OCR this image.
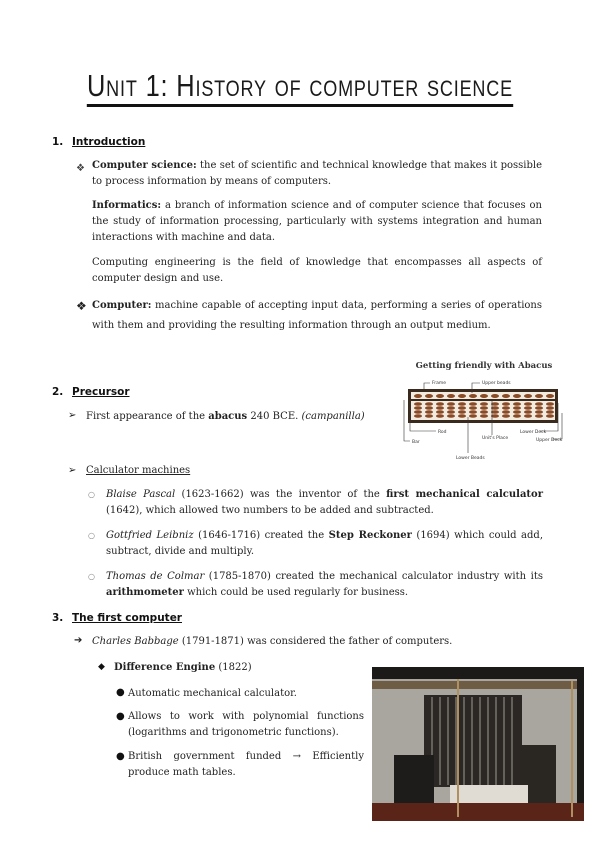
Unit 1: History of computer science
1. Introduction
❖ Computer science: the set of scientific and technical knowledge that makes it possible to process information by means of computers.
Informatics: a branch of information science and of computer science that focuses on the study of information processing, particularly with systems integration and human interactions with machine and data.
Computing engineering is the field of knowledge that encompasses all aspects of computer design and use.
❖ Computer: machine capable of accepting input data, performing a series of operations with them and providing the resulting information through an output medium.
2. Precursor
➢ First appearance of the abacus 240 BCE. (campanilla)
Getting friendly with Abacus
Frame	Upper beads
Rod
Unit's Place
Lower Deck
Upper Deck
Bar
Lower Beads
➢ Calculator machines
○ Blaise Pascal (1623-1662) was the inventor of the first mechanical calculator (1642), which allowed two numbers to be added and subtracted.
○ Gottfried Leibniz (1646-1716) created the Step Reckoner (1694) which could add, subtract, divide and multiply.
○ Thomas de Colmar (1785-1870) created the mechanical calculator industry with its arithmometer which could be used regularly for business.
3. The first computer
➔ Charles Babbage (1791-1871) was considered the father of computers.
◆ Difference Engine (1822)
● Automatic mechanical calculator.
● Allows to work with polynomial functions (logarithms and trigonometric functions).
● British government funded → Efficiently produce math tables.
